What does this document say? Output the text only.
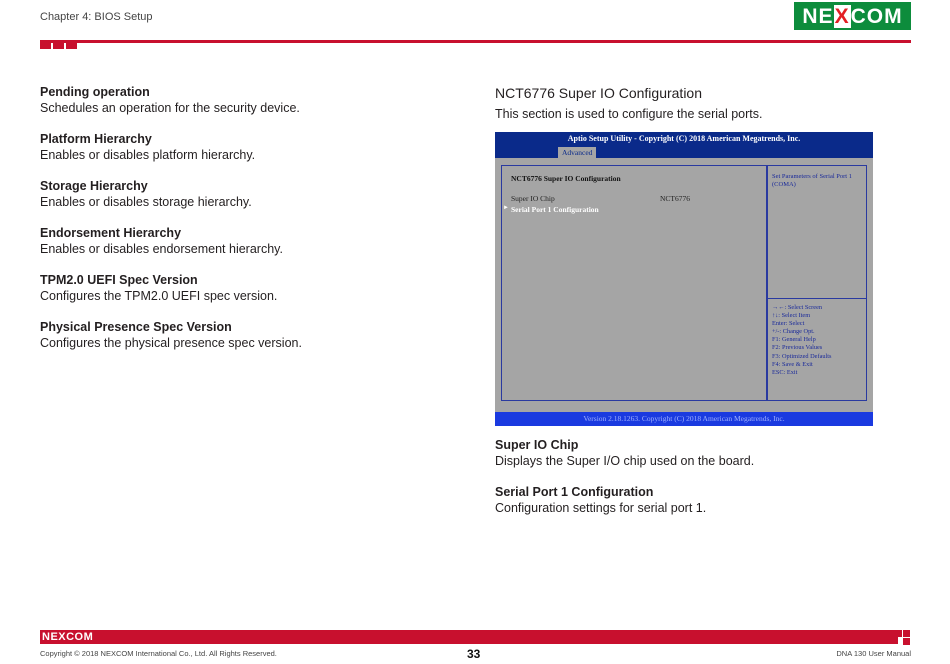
Chapter 4: BIOS Setup	NEXCOM
Pending operation
Schedules an operation for the security device.
Platform Hierarchy
Enables or disables platform hierarchy.
Storage Hierarchy
Enables or disables storage hierarchy.
Endorsement Hierarchy
Enables or disables endorsement hierarchy.
TPM2.0 UEFI Spec Version
Configures the TPM2.0 UEFI spec version.
Physical Presence Spec Version
Configures the physical presence spec version.
NCT6776 Super IO Configuration
This section is used to configure the serial ports.
Aptio Setup Utility - Copyright (C) 2018 American Megatrends, Inc.
Advanced
NCT6776 Super IO Configuration
Super IO Chip	NCT6776
► Serial Port 1 Configuration
Set Parameters of Serial Port 1 (COMA)
→←: Select Screen
↑↓: Select Item
Enter: Select
+/-: Change Opt.
F1: General Help
F2: Previous Values
F3: Optimized Defaults
F4: Save & Exit
ESC: Exit
Version 2.18.1263. Copyright (C) 2018 American Megatrends, Inc.
Super IO Chip
Displays the Super I/O chip used on the board.
Serial Port 1 Configuration
Configuration settings for serial port 1.
NEXCOM
Copyright © 2018 NEXCOM International Co., Ltd. All Rights Reserved.	33	DNA 130 User Manual
